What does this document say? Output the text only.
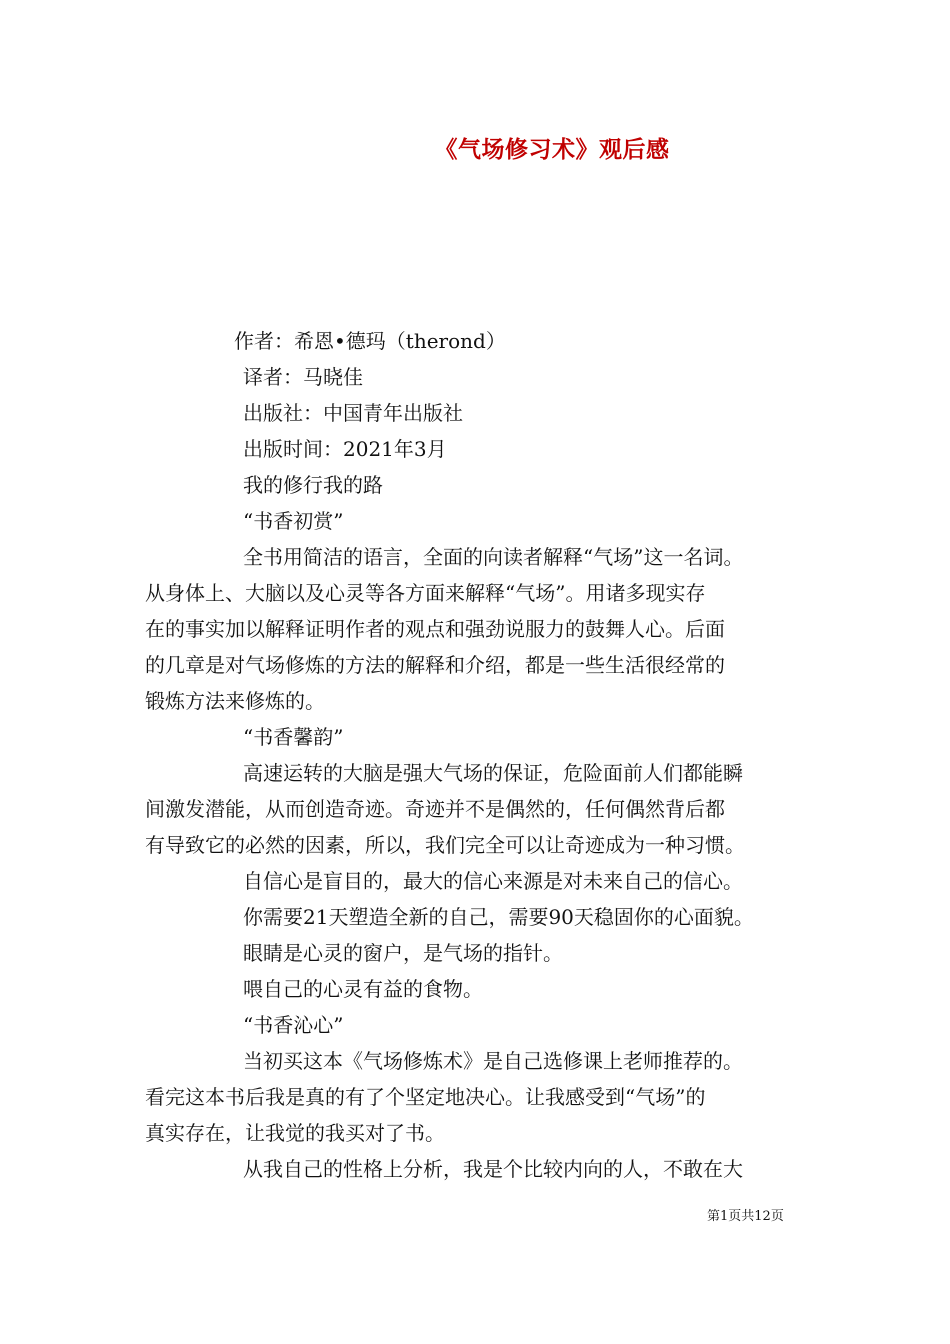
《气场修习术》观后感

作者：希恩•德玛（therond）

译者：马晓佳

出版社：中国青年出版社

出版时间：2021年3月

我的修行我的路

“书香初赏”

全书用简洁的语言，全面的向读者解释“气场”这一名词。

从身体上、大脑以及心灵等各方面来解释“气场”。用诸多现实存

在的事实加以解释证明作者的观点和强劲说服力的鼓舞人心。后面

的几章是对气场修炼的方法的解释和介绍，都是一些生活很经常的

锻炼方法来修炼的。

“书香馨韵”

高速运转的大脑是强大气场的保证，危险面前人们都能瞬

间激发潜能，从而创造奇迹。奇迹并不是偶然的，任何偶然背后都

有导致它的必然的因素，所以，我们完全可以让奇迹成为一种习惯。

自信心是盲目的，最大的信心来源是对未来自己的信心。

你需要21天塑造全新的自己，需要90天稳固你的心面貌。

眼睛是心灵的窗户，是气场的指针。

喂自己的心灵有益的食物。

“书香沁心”

当初买这本《气场修炼术》是自己选修课上老师推荐的。

看完这本书后我是真的有了个坚定地决心。让我感受到“气场”的

真实存在，让我觉的我买对了书。

从我自己的性格上分析，我是个比较内向的人，不敢在大

第1页共12页
